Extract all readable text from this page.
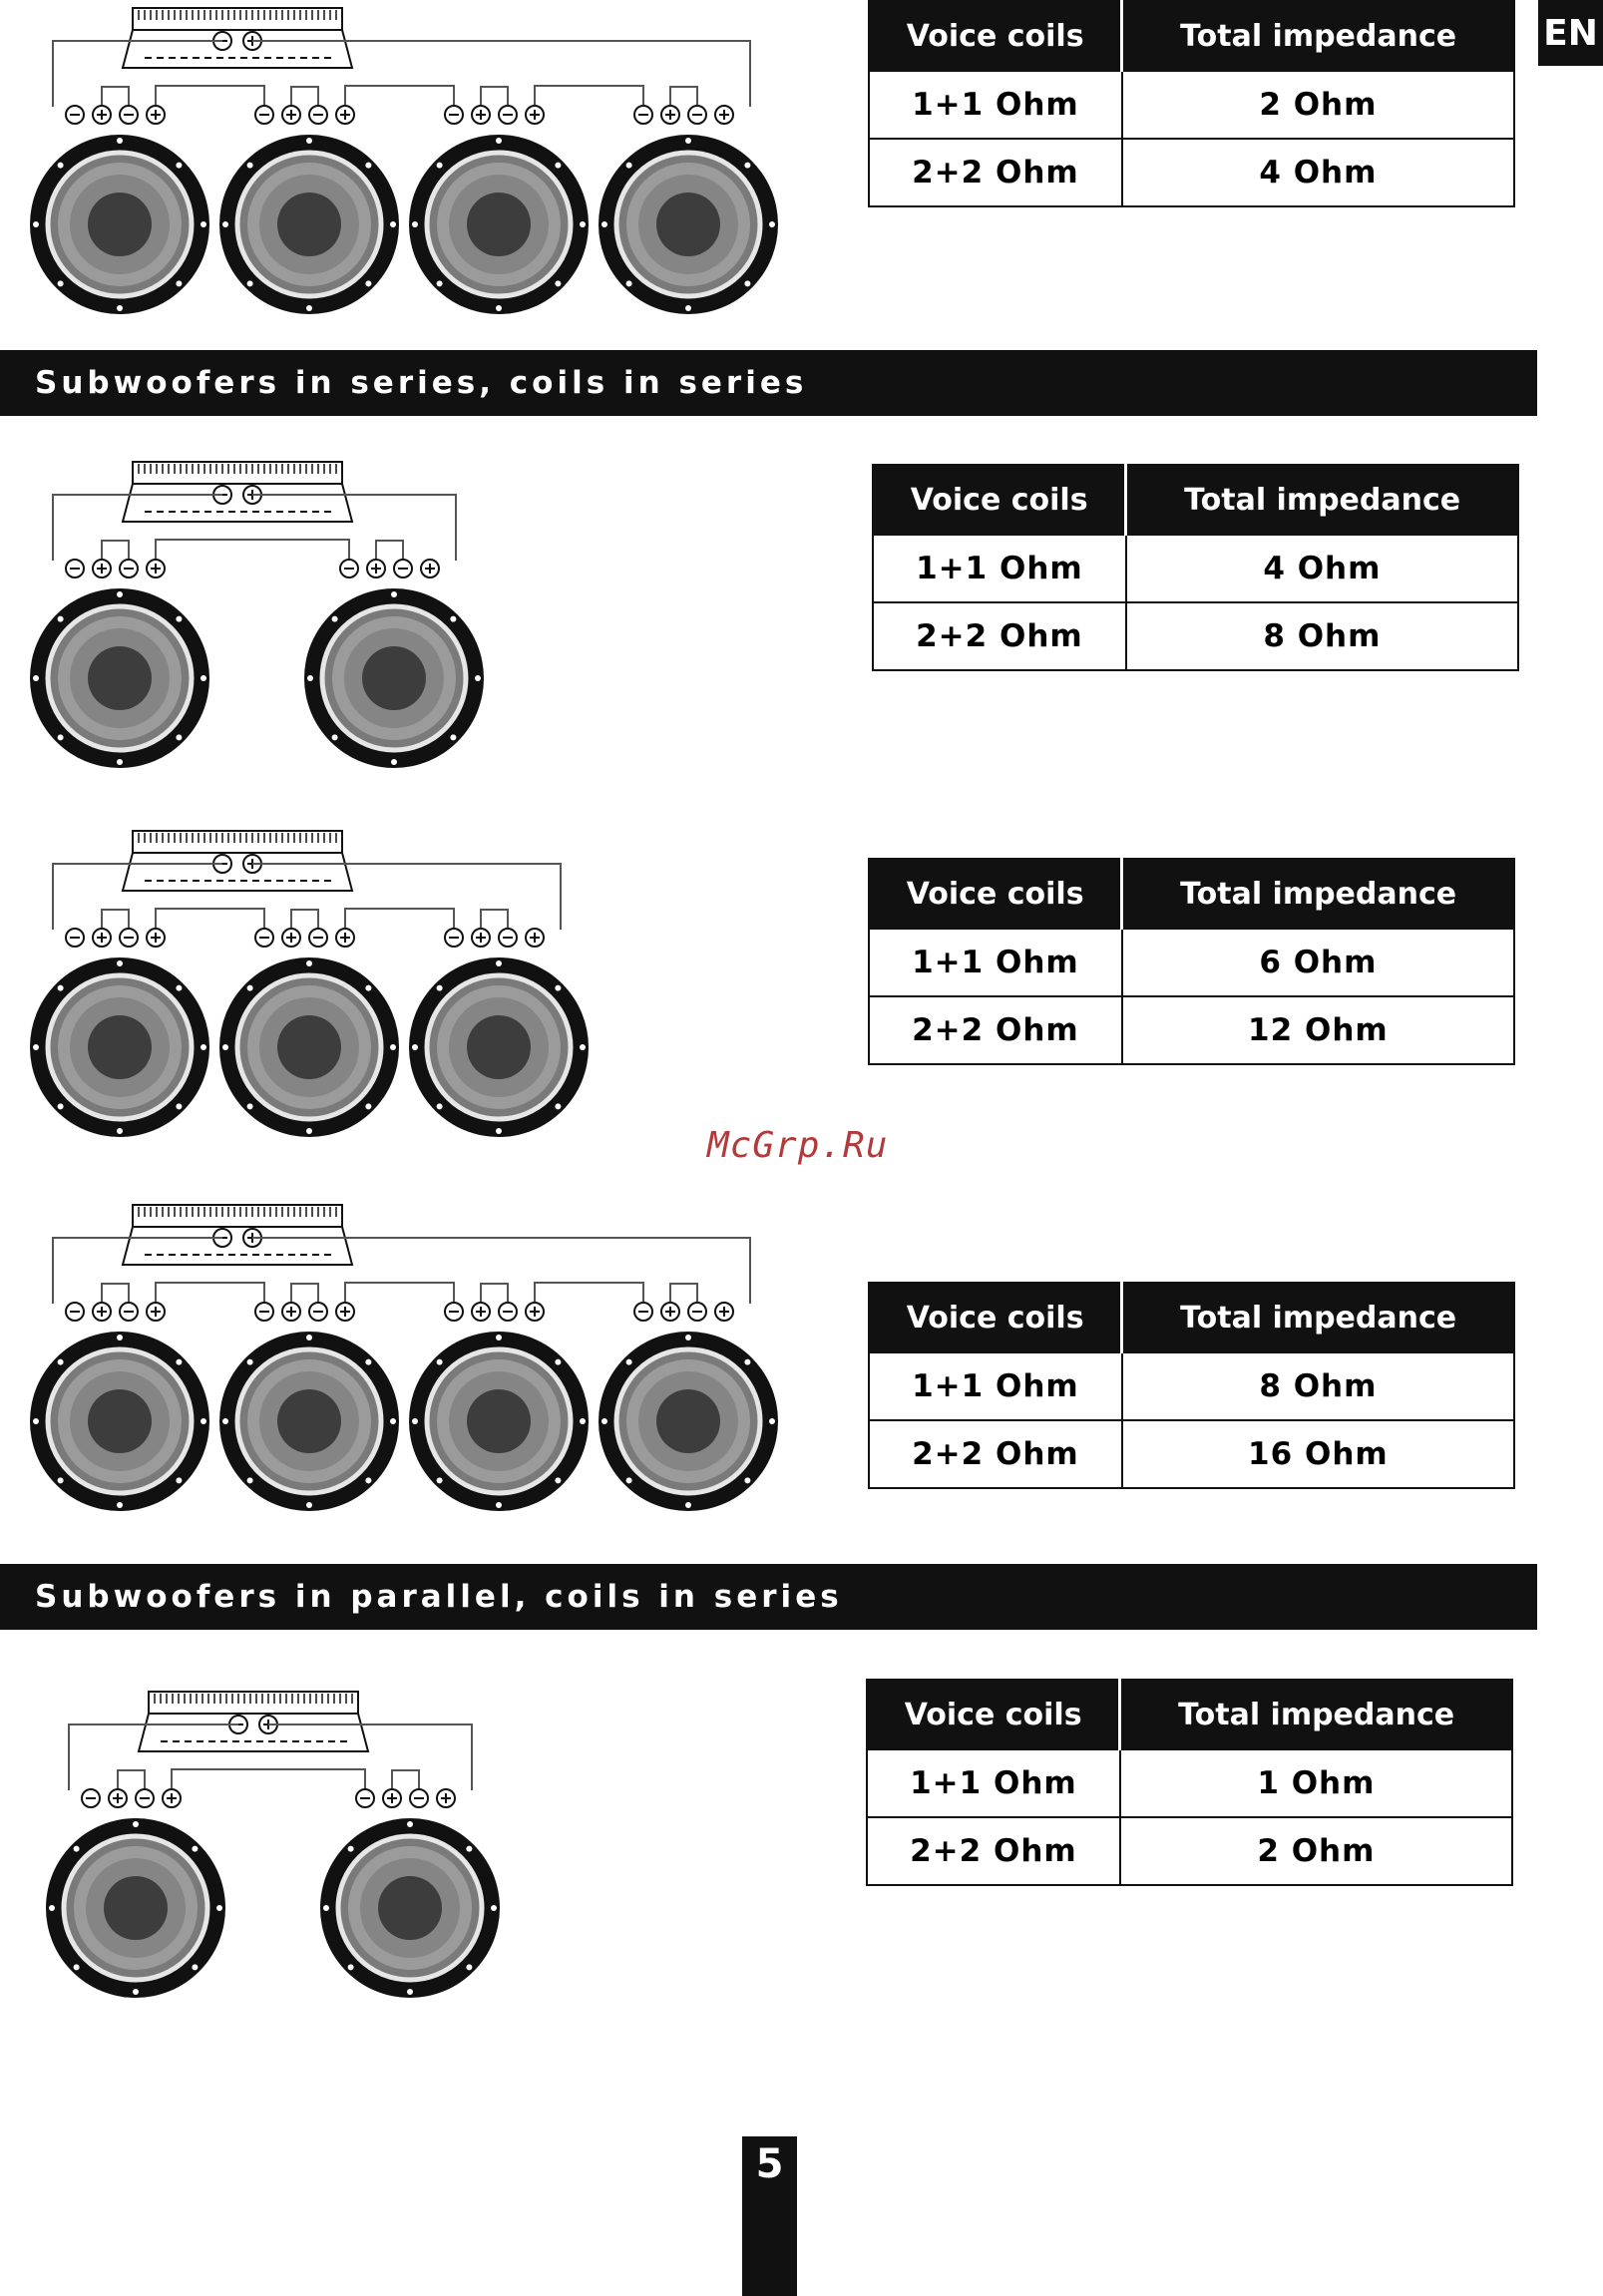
EN
Subwoofers in series, coils in series
Subwoofers in parallel, coils in series
Voice coils	Total impedance
1+1 Ohm	2 Ohm
2+2 Ohm	4 Ohm
Voice coils	Total impedance
1+1 Ohm	4 Ohm
2+2 Ohm	8 Ohm
Voice coils	Total impedance
1+1 Ohm	6 Ohm
2+2 Ohm	12 Ohm
Voice coils	Total impedance
1+1 Ohm	8 Ohm
2+2 Ohm	16 Ohm
Voice coils	Total impedance
1+1 Ohm	1 Ohm
2+2 Ohm	2 Ohm
McGrp.Ru
5
